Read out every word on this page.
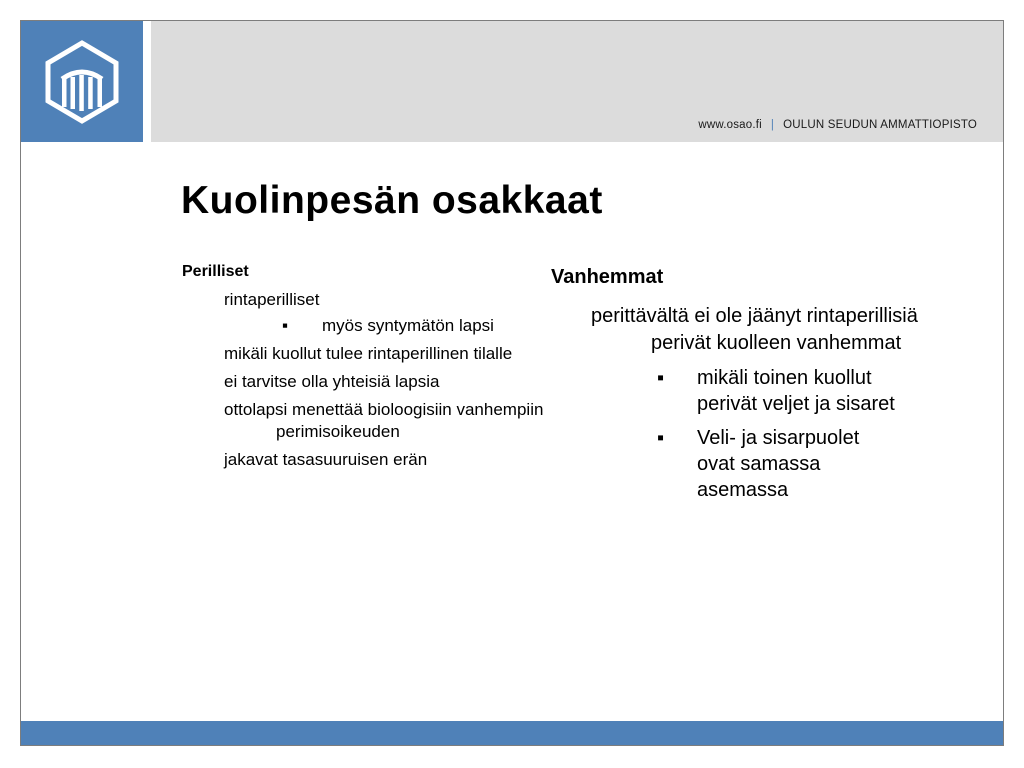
www.osao.fi | OULUN SEUDUN AMMATTIOPISTO
Kuolinpesän osakkaat
Perilliset
rintaperilliset
▪ myös syntymätön lapsi
mikäli kuollut tulee rintaperillinen tilalle
ei tarvitse olla yhteisiä lapsia
ottolapsi menettää bioloogisiin vanhempiin perimisoikeuden
jakavat tasasuuruisen erän
Vanhemmat
perittävältä ei ole jäänyt rintaperillisiä perivät kuolleen vanhemmat
▪ mikäli toinen kuollut perivät veljet ja sisaret
▪ Veli- ja sisarpuolet ovat samassa asemassa
